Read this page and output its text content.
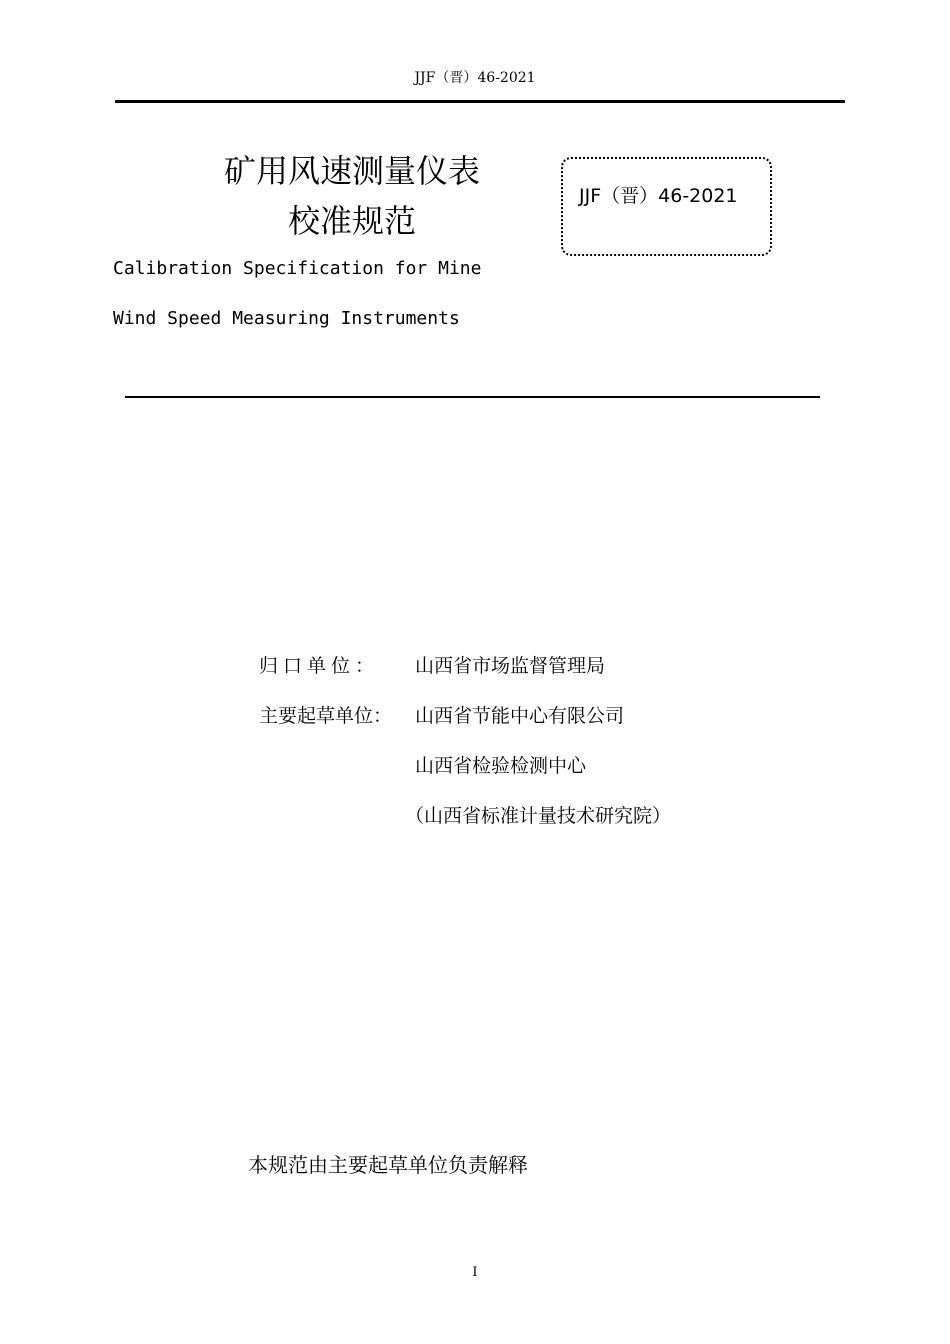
JJF（晋）46-2021
矿用风速测量仪表
校准规范
JJF（晋）46-2021
Calibration Specification for Mine
Wind Speed Measuring Instruments
归口单位： 山西省市场监督管理局
主要起草单位： 山西省节能中心有限公司
山西省检验检测中心
（山西省标准计量技术研究院）
本规范由主要起草单位负责解释
I
